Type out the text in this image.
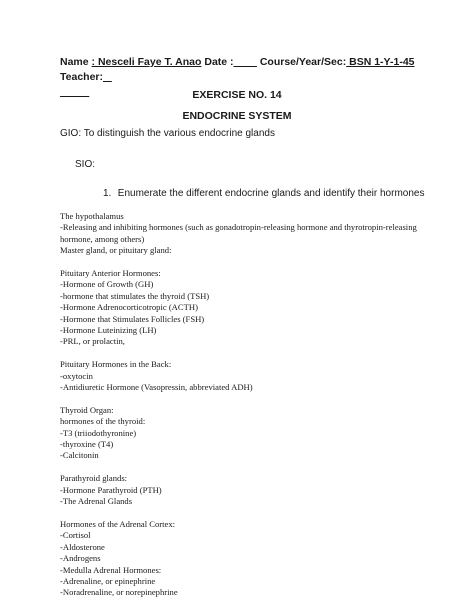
Name : Nesceli Faye T. Anao Date :____ Course/Year/Sec: BSN 1-Y-1-45 Teacher: _
_____	EXERCISE NO. 14
ENDOCRINE SYSTEM
GIO: To distinguish the various endocrine glands
SIO:
1. Enumerate the different endocrine glands and identify their hormones

The hypothalamus

-Releasing and inhibiting hormones (such as gonadotropin-releasing hormone and thyrotropin-releasing hormone, among others)

Master gland, or pituitary gland:

Pituitary Anterior Hormones:

-Hormone of Growth (GH)

-hormone that stimulates the thyroid (TSH)

-Hormone Adrenocorticotropic (ACTH)

-Hormone that Stimulates Follicles (FSH)

-Hormone Luteinizing (LH)

-PRL, or prolactin,

Pituitary Hormones in the Back:

-oxytocin

-Antidiuretic Hormone (Vasopressin, abbreviated ADH)

Thyroid Organ:

hormones of the thyroid:

-T3 (triiodothyronine)

-thyroxine (T4)

-Calcitonin

Parathyroid glands:

-Hormone Parathyroid (PTH)

-The Adrenal Glands

Hormones of the Adrenal Cortex:

-Cortisol

-Aldosterone

-Androgens

-Medulla Adrenal Hormones:

-Adrenaline, or epinephrine

-Noradrenaline, or norepinephrine
